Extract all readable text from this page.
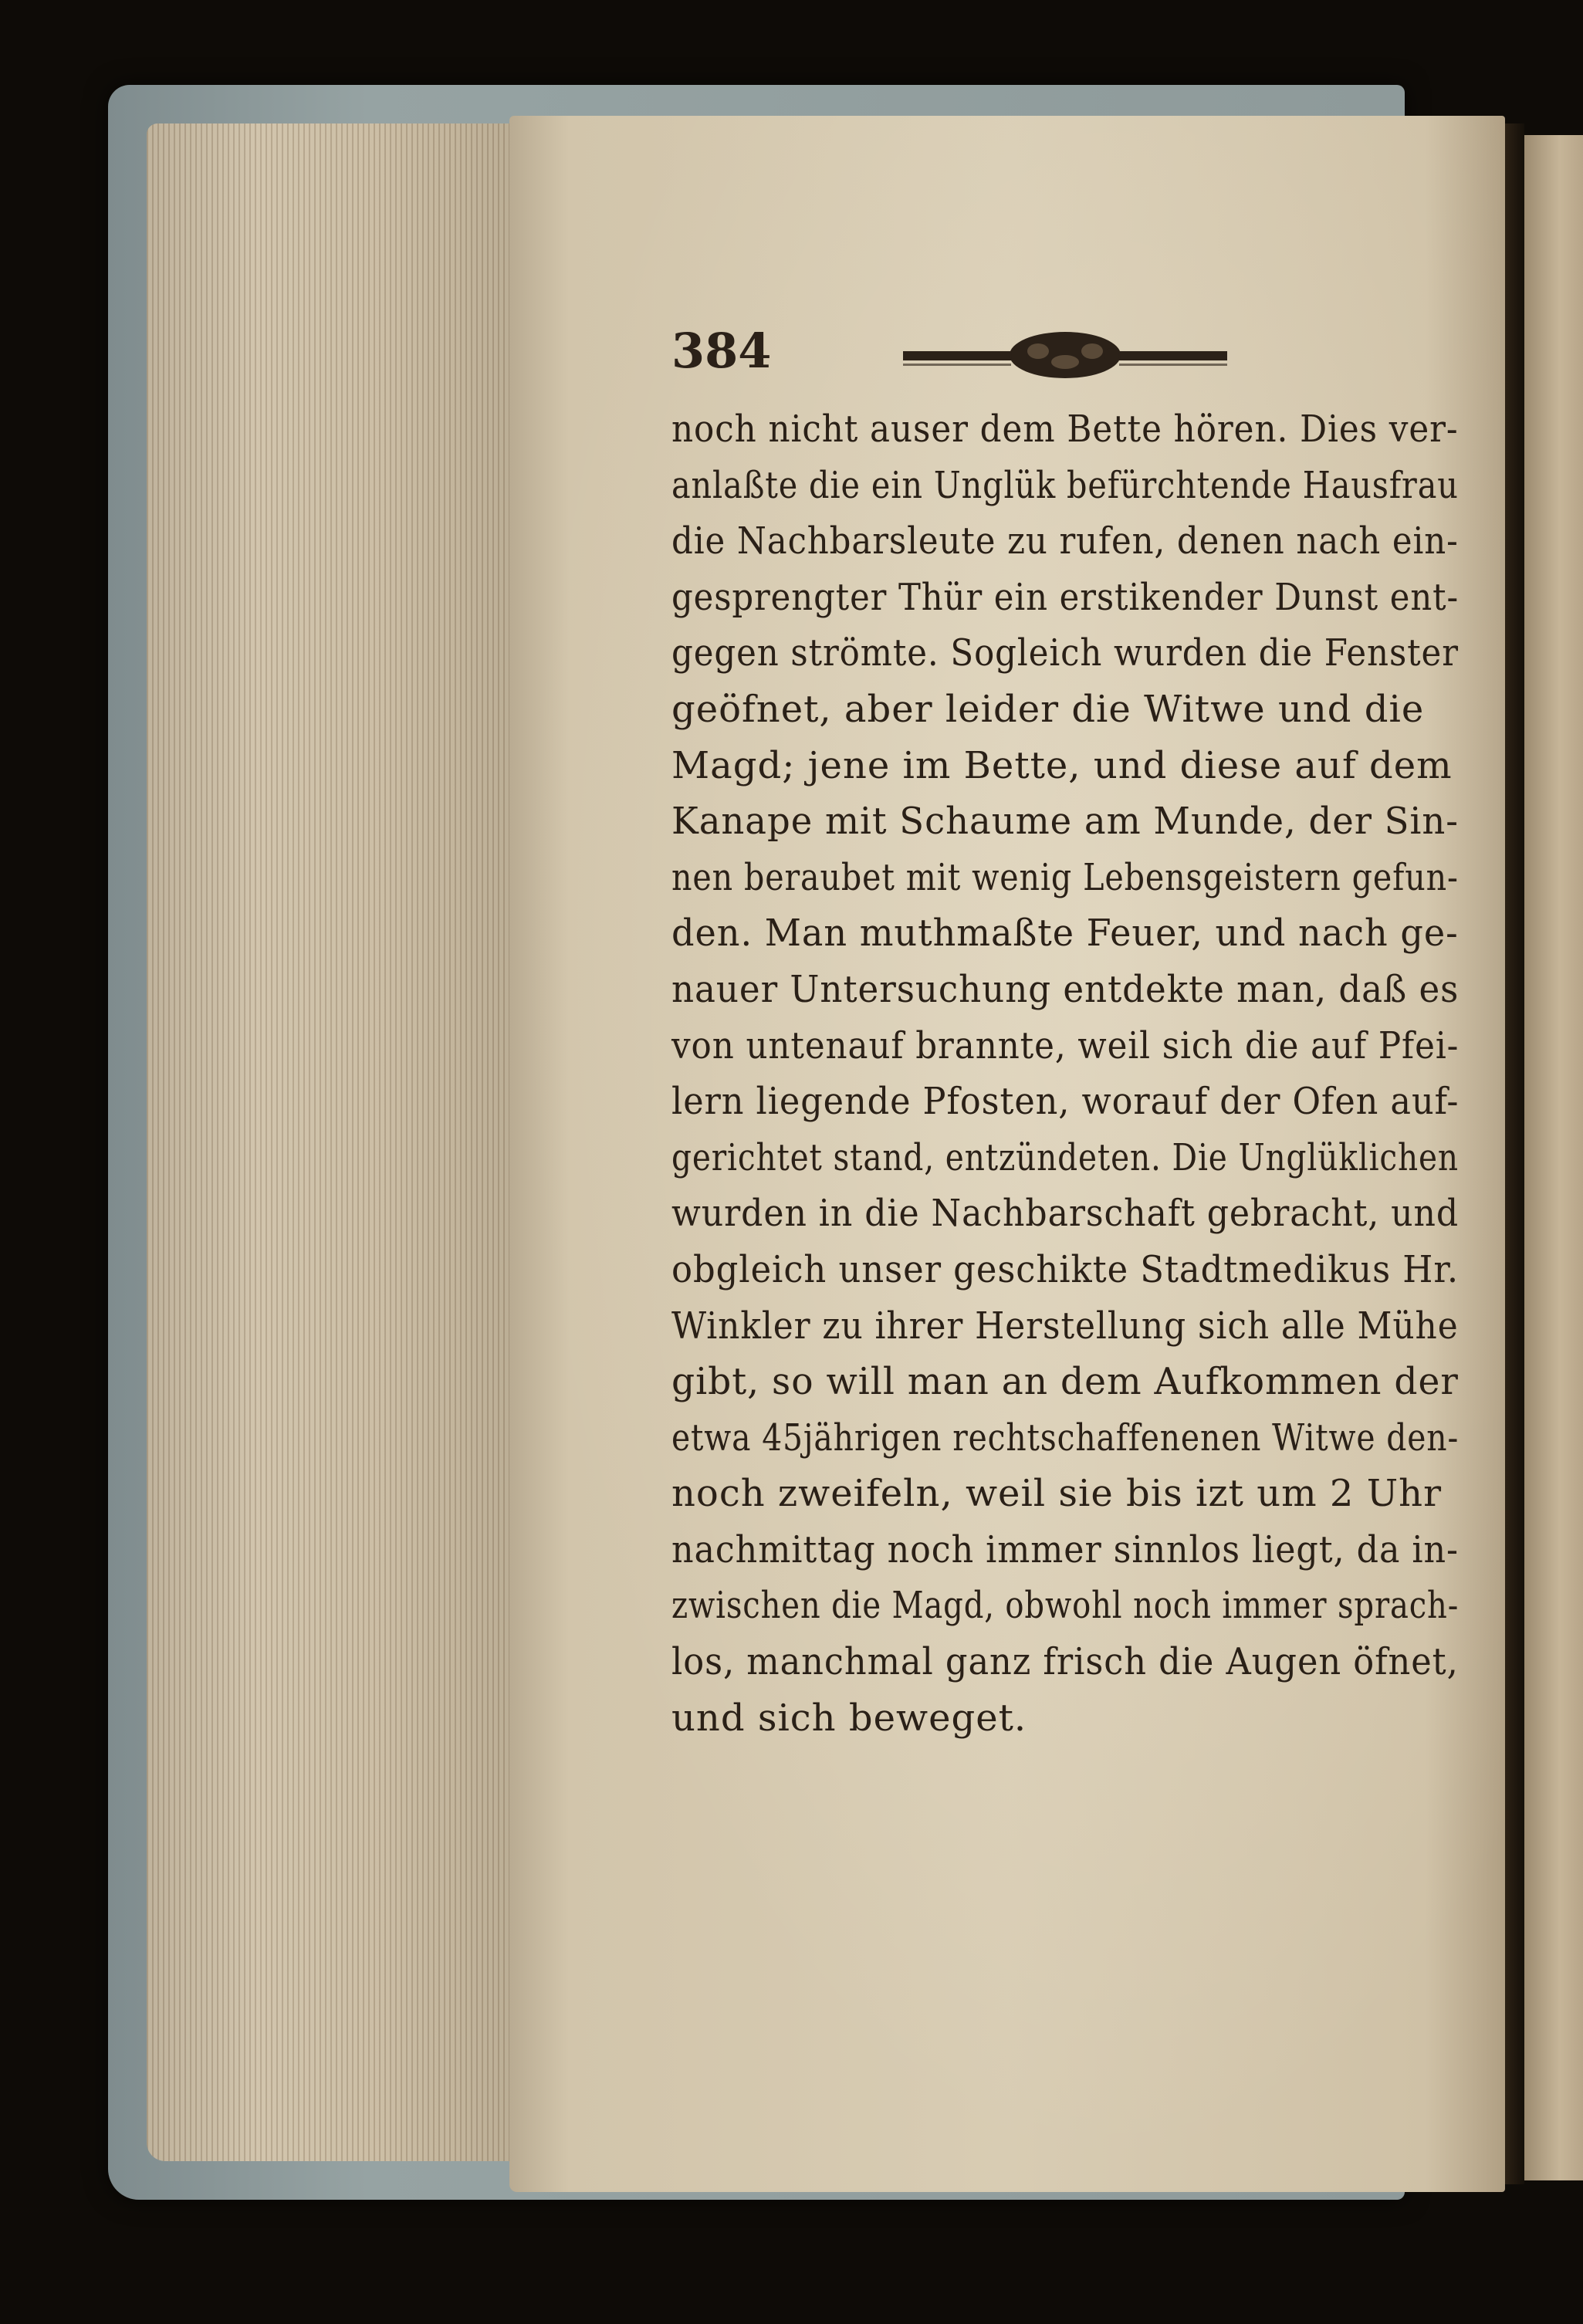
384
noch nicht auser dem Bette hören. Dies ver-
anlaßte die ein Unglük befürchtende Hausfrau
die Nachbarsleute zu rufen, denen nach ein-
gesprengter Thür ein erstikender Dunst ent-
gegen strömte. Sogleich wurden die Fenster
geöfnet, aber leider die Witwe und die
Magd; jene im Bette, und diese auf dem
Kanape mit Schaume am Munde, der Sin-
nen beraubet mit wenig Lebensgeistern gefun-
den. Man muthmaßte Feuer, und nach ge-
nauer Untersuchung entdekte man, daß es
von untenauf brannte, weil sich die auf Pfei-
lern liegende Pfosten, worauf der Ofen auf-
gerichtet stand, entzündeten. Die Unglüklichen
wurden in die Nachbarschaft gebracht, und
obgleich unser geschikte Stadtmedikus Hr.
Winkler zu ihrer Herstellung sich alle Mühe
gibt, so will man an dem Aufkommen der
etwa 45jährigen rechtschaffenenen Witwe den-
noch zweifeln, weil sie bis izt um 2 Uhr
nachmittag noch immer sinnlos liegt, da in-
zwischen die Magd, obwohl noch immer sprach-
los, manchmal ganz frisch die Augen öfnet,
und sich beweget.
